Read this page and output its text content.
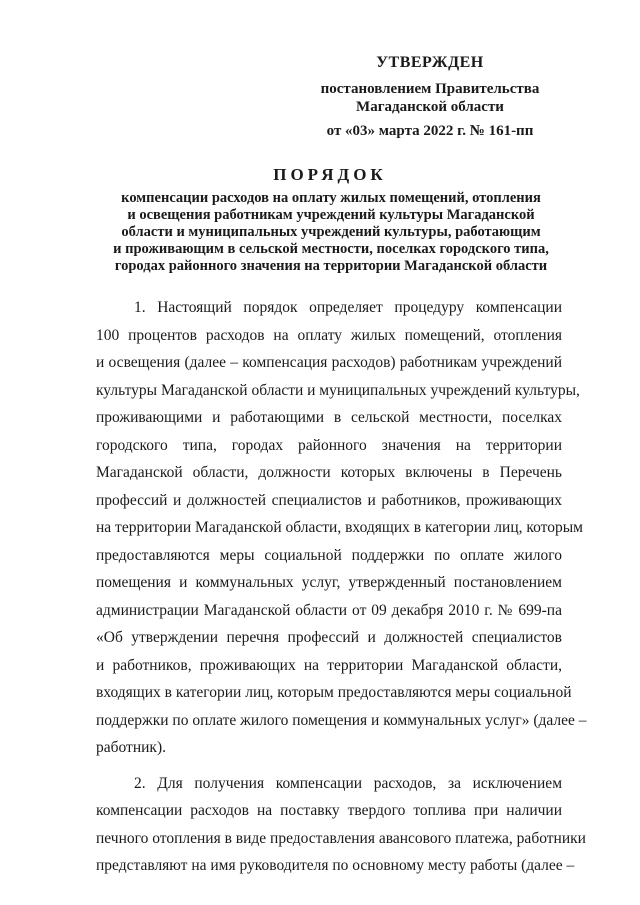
УТВЕРЖДЕН
постановлением Правительства
Магаданской области
от «03» марта 2022 г. № 161-пп
ПОРЯДОК
компенсации расходов на оплату жилых помещений, отопления
и освещения работникам учреждений культуры Магаданской
области и муниципальных учреждений культуры, работающим
и проживающим в сельской местности, поселках городского типа,
городах районного значения на территории Магаданской области
1. Настоящий порядок определяет процедуру компенсации
100 процентов расходов на оплату жилых помещений, отопления
и освещения (далее – компенсация расходов) работникам учреждений
культуры Магаданской области и муниципальных учреждений культуры,
проживающими и работающими в сельской местности, поселках
городского типа, городах районного значения на территории
Магаданской области, должности которых включены в Перечень
профессий и должностей специалистов и работников, проживающих
на территории Магаданской области, входящих в категории лиц, которым
предоставляются меры социальной поддержки по оплате жилого
помещения и коммунальных услуг, утвержденный постановлением
администрации Магаданской области от 09 декабря 2010 г. № 699-па
«Об утверждении перечня профессий и должностей специалистов
и работников, проживающих на территории Магаданской области,
входящих в категории лиц, которым предоставляются меры социальной
поддержки по оплате жилого помещения и коммунальных услуг» (далее –
работник).
2. Для получения компенсации расходов, за исключением
компенсации расходов на поставку твердого топлива при наличии
печного отопления в виде предоставления авансового платежа, работники
представляют на имя руководителя по основному месту работы (далее –
